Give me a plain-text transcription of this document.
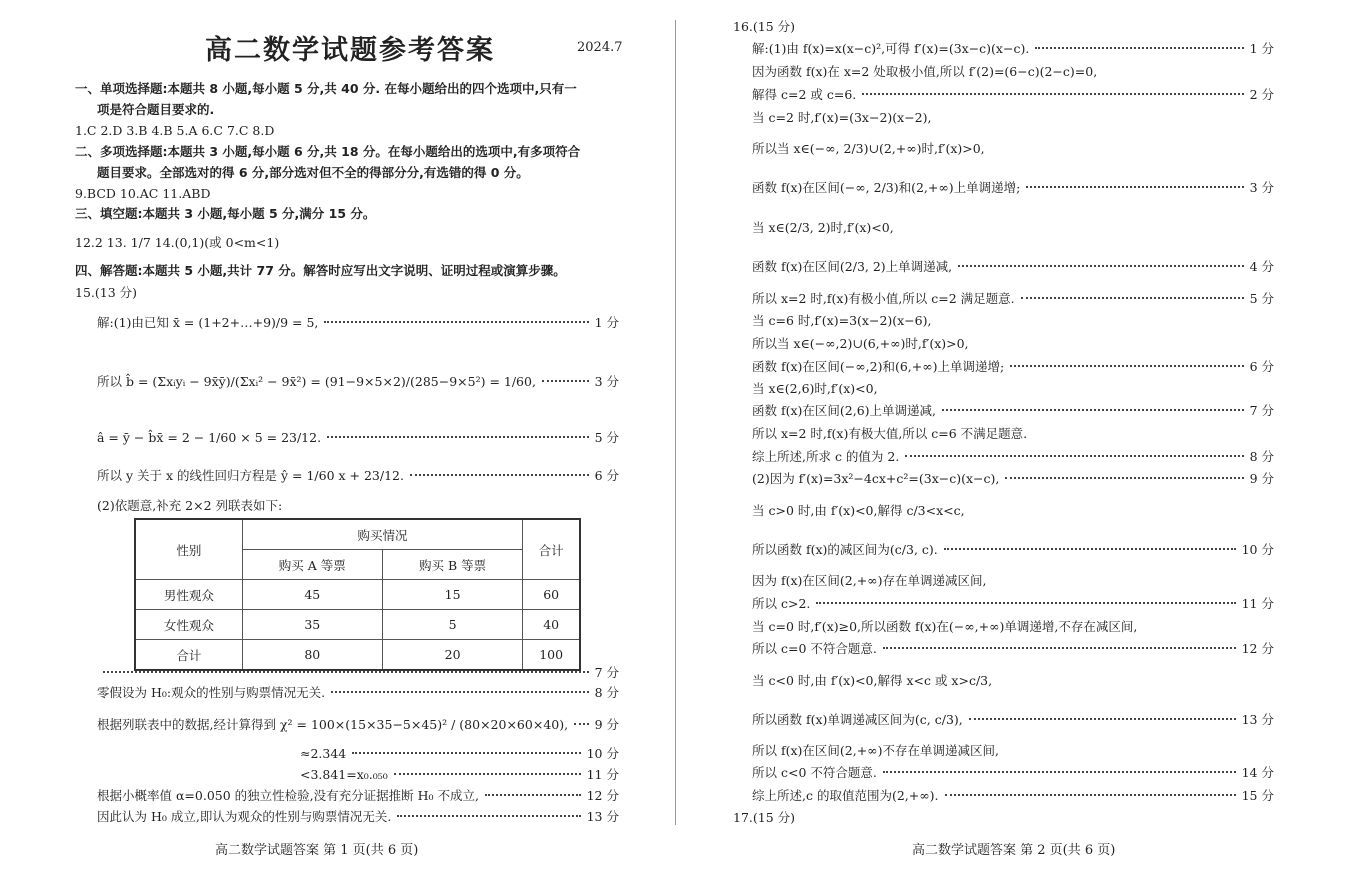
高二数学试题参考答案	2024.7
一、单项选择题:本题共 8 小题,每小题 5 分,共 40 分. 在每小题给出的四个选项中,只有一
项是符合题目要求的.
1.C 2.D 3.B 4.B 5.A 6.C 7.C 8.D
二、多项选择题:本题共 3 小题,每小题 6 分,共 18 分。在每小题给出的选项中,有多项符合
题目要求。全部选对的得 6 分,部分选对但不全的得部分分,有选错的得 0 分。
9.BCD 10.AC 11.ABD
三、填空题:本题共 3 小题,每小题 5 分,满分 15 分。
12.2 13. 1/7 14.(0,1)(或 0<m<1)
四、解答题:本题共 5 小题,共计 77 分。解答时应写出文字说明、证明过程或演算步骤。
15.(13 分)
解:(1)由已知 x̄ = (1+2+…+9)/9 = 5,	1 分
所以 b̂ = (Σxᵢyᵢ − 9x̄ȳ)/(Σxᵢ² − 9x̄²) = (91−9×5×2)/(285−9×5²) = 1/60,	3 分
â = ȳ − b̂x̄ = 2 − 1/60 × 5 = 23/12.	5 分
所以 y 关于 x 的线性回归方程是 ŷ = 1/60 x + 23/12.	6 分
(2)依题意,补充 2×2 列联表如下:
7 分
零假设为 H₀:观众的性别与购票情况无关.	8 分
根据列联表中的数据,经计算得到 χ² = 100×(15×35−5×45)² / (80×20×60×40), 9 分
≈2.344	10 分
<3.841=x₀.₀₅₀	11 分
根据小概率值 α=0.050 的独立性检验,没有充分证据推断 H₀ 不成立,	12 分
因此认为 H₀ 成立,即认为观众的性别与购票情况无关.	13 分
性别	购买情况		合计
	购买 A 等票	购买 B 等票	
男性观众	45	15	60
女性观众	35	5	40
合计	80	20	100
高二数学试题答案 第 1 页(共 6 页)
16.(15 分)
解:(1)由 f(x)=x(x−c)²,可得 f′(x)=(3x−c)(x−c).	1 分
因为函数 f(x)在 x=2 处取极小值,所以 f′(2)=(6−c)(2−c)=0,
解得 c=2 或 c=6.	2 分
当 c=2 时,f′(x)=(3x−2)(x−2),
所以当 x∈(−∞, 2/3)∪(2,+∞)时,f′(x)>0,
函数 f(x)在区间(−∞, 2/3)和(2,+∞)上单调递增;	3 分
当 x∈(2/3, 2)时,f′(x)<0,
函数 f(x)在区间(2/3, 2)上单调递减,	4 分
所以 x=2 时,f(x)有极小值,所以 c=2 满足题意.	5 分
当 c=6 时,f′(x)=3(x−2)(x−6),
所以当 x∈(−∞,2)∪(6,+∞)时,f′(x)>0,
函数 f(x)在区间(−∞,2)和(6,+∞)上单调递增;	6 分
当 x∈(2,6)时,f′(x)<0,
函数 f(x)在区间(2,6)上单调递减,	7 分
所以 x=2 时,f(x)有极大值,所以 c=6 不满足题意.
综上所述,所求 c 的值为 2.	8 分
(2)因为 f′(x)=3x²−4cx+c²=(3x−c)(x−c),	9 分
当 c>0 时,由 f′(x)<0,解得 c/3<x<c,
所以函数 f(x)的减区间为(c/3, c).	10 分
因为 f(x)在区间(2,+∞)存在单调递减区间,
所以 c>2.	11 分
当 c=0 时,f′(x)≥0,所以函数 f(x)在(−∞,+∞)单调递增,不存在减区间,
所以 c=0 不符合题意.	12 分
当 c<0 时,由 f′(x)<0,解得 x<c 或 x>c/3,
所以函数 f(x)单调递减区间为(c, c/3),	13 分
所以 f(x)在区间(2,+∞)不存在单调递减区间,
所以 c<0 不符合题意.	14 分
综上所述,c 的取值范围为(2,+∞).	15 分
17.(15 分)
高二数学试题答案 第 2 页(共 6 页)
